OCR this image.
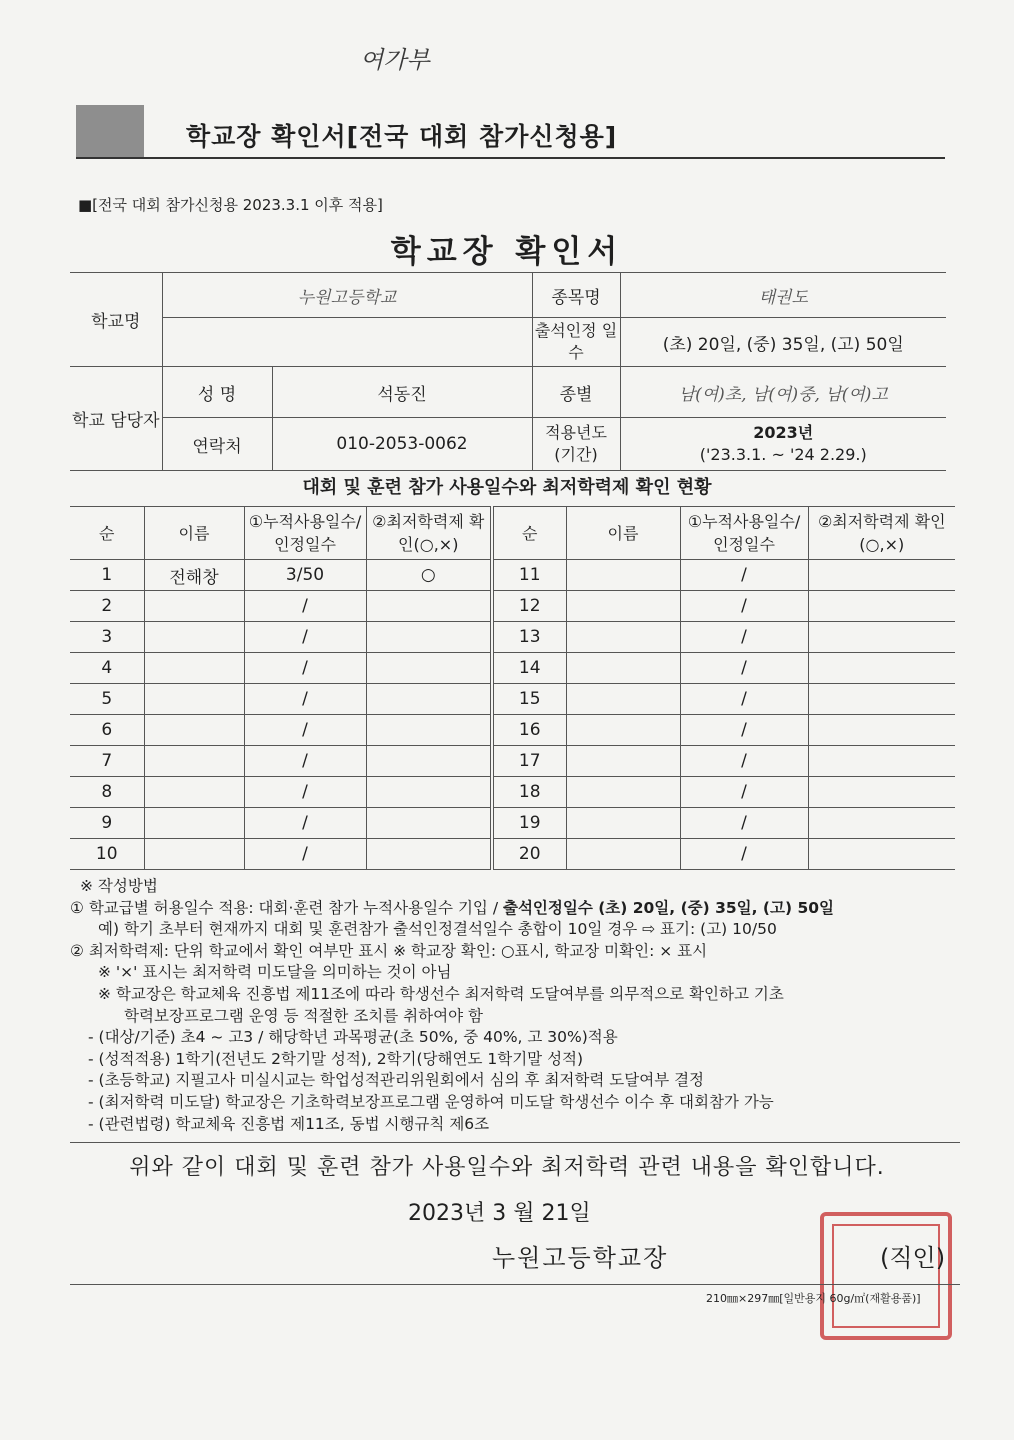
여가부
학교장 확인서[전국 대회 참가신청용]
■[전국 대회 참가신청용 2023.3.1 이후 적용]
학교장 확인서
학교명	누원고등학교		종목명	태권도
			출석인정 일수	(초) 20일, (중) 35일, (고) 50일
학교 담당자	성 명	석동진	종별	남(여)초, 남(여)중, 남(여)고
	연락처	010-2053-0062	적용년도 (기간)	2023년
('23.3.1. ~ '24 2.29.)
대회 및 훈련 참가 사용일수와 최저학력제 확인 현황
순	이름	①누적사용일수/인정일수	②최저학력제 확인(○,×)	순	이름	①누적사용일수/인정일수	②최저학력제 확인(○,×)
1	전해창	3/50	○	11		/	
2		/		12		/	
3		/		13		/	
4		/		14		/	
5		/		15		/	
6		/		16		/	
7		/		17		/	
8		/		18		/	
9		/		19		/	
10		/		20		/	
※ 작성방법
① 학교급별 허용일수 적용: 대회·훈련 참가 누적사용일수 기입 / 출석인정일수 (초) 20일, (중) 35일, (고) 50일
예) 학기 초부터 현재까지 대회 및 훈련참가 출석인정결석일수 총합이 10일 경우 ⇨ 표기: (고) 10/50
② 최저학력제: 단위 학교에서 확인 여부만 표시 ※ 학교장 확인: ○표시, 학교장 미확인: × 표시
※ '×' 표시는 최저학력 미도달을 의미하는 것이 아님
※ 학교장은 학교체육 진흥법 제11조에 따라 학생선수 최저학력 도달여부를 의무적으로 확인하고 기초
학력보장프로그램 운영 등 적절한 조치를 취하여야 함
- (대상/기준) 초4 ~ 고3 / 해당학년 과목평균(초 50%, 중 40%, 고 30%)적용
- (성적적용) 1학기(전년도 2학기말 성적), 2학기(당해연도 1학기말 성적)
- (초등학교) 지필고사 미실시교는 학업성적관리위원회에서 심의 후 최저학력 도달여부 결정
- (최저학력 미도달) 학교장은 기초학력보장프로그램 운영하여 미도달 학생선수 이수 후 대회참가 가능
- (관련법령) 학교체육 진흥법 제11조, 동법 시행규칙 제6조
위와 같이 대회 및 훈련 참가 사용일수와 최저학력 관련 내용을 확인합니다.
2023년 3 월 21일
누원고등학교장	(직인)
210㎜×297㎜[일반용지 60g/㎡(재활용품)]
